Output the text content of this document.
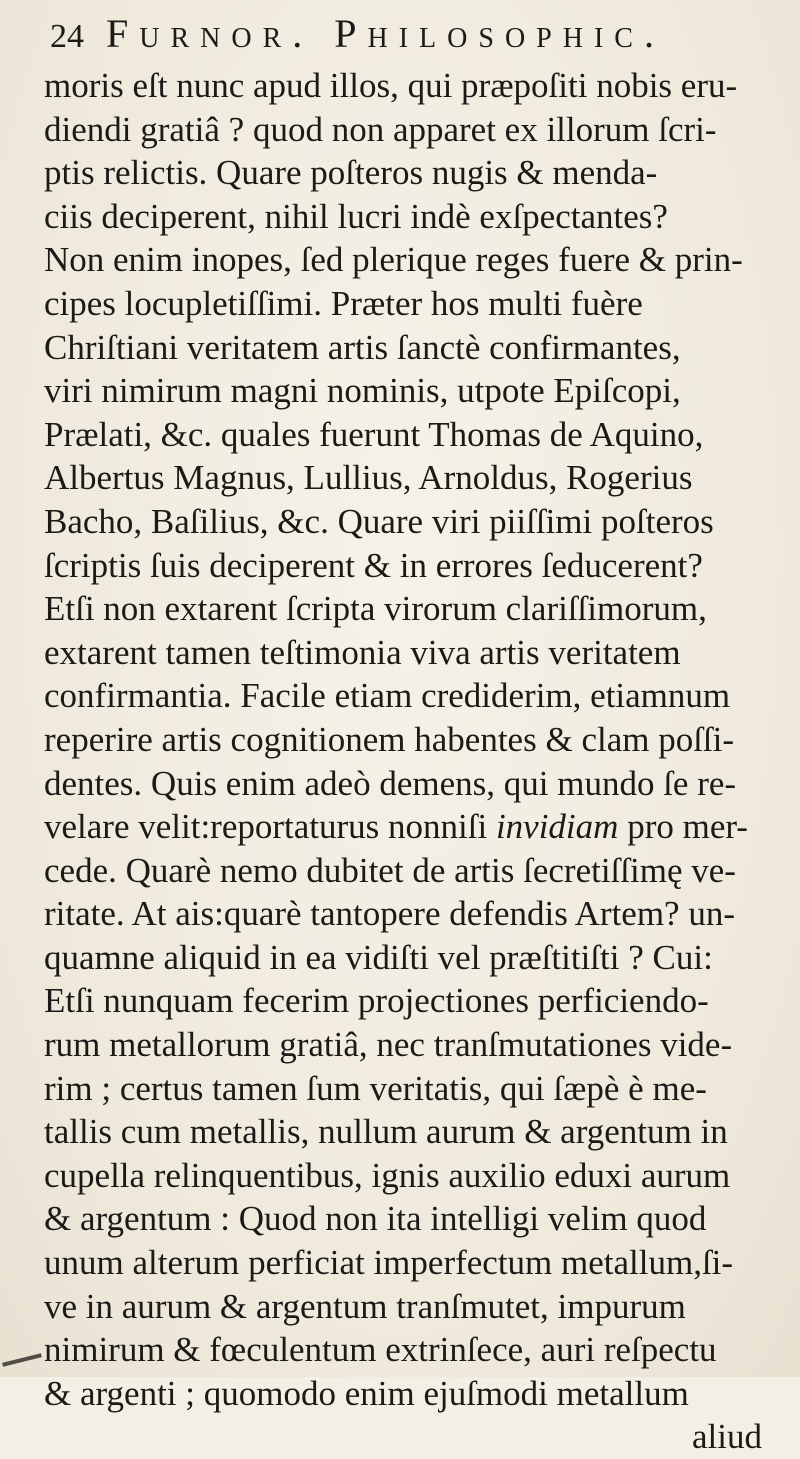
24 Furnor. Philosophic.
moris eſt nunc apud illos, qui præpoſiti nobis eru-
diendi gratiâ ? quod non apparet ex illorum ſcri-
ptis relictis. Quare poſteros nugis & menda-
ciis deciperent, nihil lucri indè exſpectantes?
Non enim inopes, ſed plerique reges fuere & prin-
cipes locupletiſſimi. Præter hos multi fuère
Chriſtiani veritatem artis ſanctè confirmantes,
viri nimirum magni nominis, utpote Epiſcopi,
Prælati, &c. quales fuerunt Thomas de Aquino,
Albertus Magnus, Lullius, Arnoldus, Rogerius
Bacho, Baſilius, &c. Quare viri piiſſimi poſteros
ſcriptis ſuis deciperent & in errores ſeducerent?
Etſi non extarent ſcripta virorum clariſſimorum,
extarent tamen teſtimonia viva artis veritatem
confirmantia. Facile etiam crediderim, etiamnum
reperire artis cognitionem habentes & clam poſſi-
dentes. Quis enim adeò demens, qui mundo ſe re-
velare velit:reportaturus nonniſi invidiam pro mer-
cede. Quarè nemo dubitet de artis ſecretiſſimę ve-
ritate. At ais:quarè tantopere defendis Artem? un-
quamne aliquid in ea vidiſti vel præſtitiſti ? Cui:
Etſi nunquam fecerim projectiones perficiendo-
rum metallorum gratiâ, nec tranſmutationes vide-
rim ; certus tamen ſum veritatis, qui ſæpè è me-
tallis cum metallis, nullum aurum & argentum in
cupella relinquentibus, ignis auxilio eduxi aurum
& argentum : Quod non ita intelligi velim quod
unum alterum perficiat imperfectum metallum,ſi-
ve in aurum & argentum tranſmutet, impurum
nimirum & fœculentum extrinſece, auri reſpectu
& argenti ; quomodo enim ejuſmodi metallum
aliud
